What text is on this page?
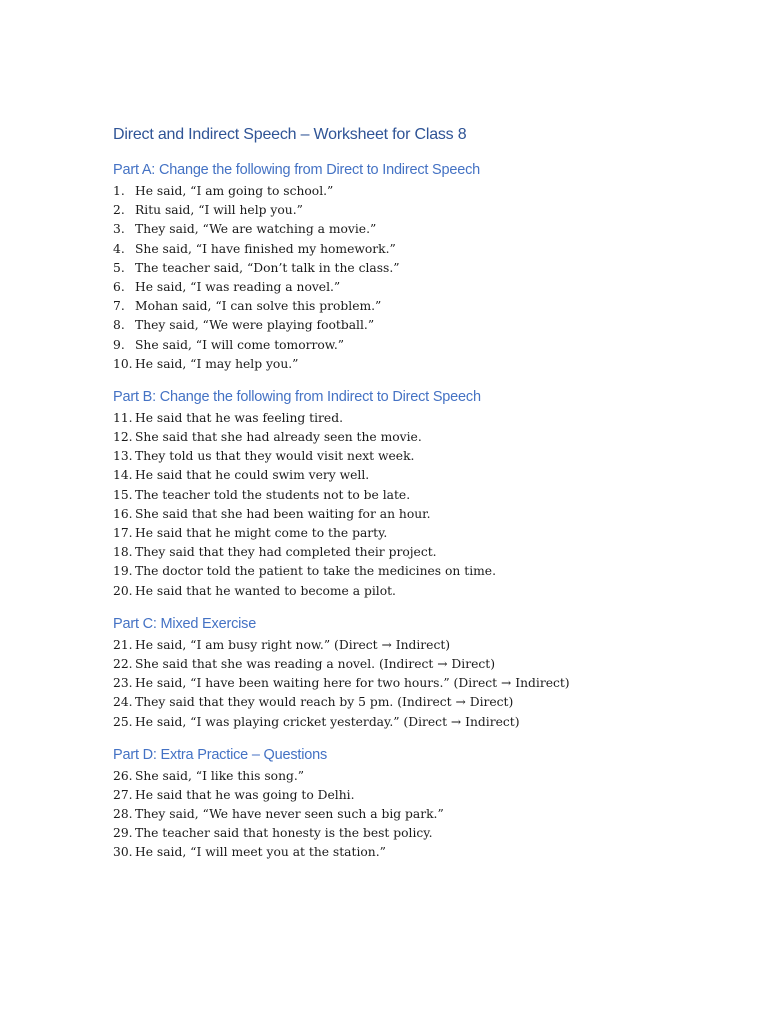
Direct and Indirect Speech – Worksheet for Class 8
Part A: Change the following from Direct to Indirect Speech
1. He said, “I am going to school.”
2. Ritu said, “I will help you.”
3. They said, “We are watching a movie.”
4. She said, “I have finished my homework.”
5. The teacher said, “Don’t talk in the class.”
6. He said, “I was reading a novel.”
7. Mohan said, “I can solve this problem.”
8. They said, “We were playing football.”
9. She said, “I will come tomorrow.”
10. He said, “I may help you.”
Part B: Change the following from Indirect to Direct Speech
11. He said that he was feeling tired.
12. She said that she had already seen the movie.
13. They told us that they would visit next week.
14. He said that he could swim very well.
15. The teacher told the students not to be late.
16. She said that she had been waiting for an hour.
17. He said that he might come to the party.
18. They said that they had completed their project.
19. The doctor told the patient to take the medicines on time.
20. He said that he wanted to become a pilot.
Part C: Mixed Exercise
21. He said, “I am busy right now.” (Direct → Indirect)
22. She said that she was reading a novel. (Indirect → Direct)
23. He said, “I have been waiting here for two hours.” (Direct → Indirect)
24. They said that they would reach by 5 pm. (Indirect → Direct)
25. He said, “I was playing cricket yesterday.” (Direct → Indirect)
Part D: Extra Practice – Questions
26. She said, “I like this song.”
27. He said that he was going to Delhi.
28. They said, “We have never seen such a big park.”
29. The teacher said that honesty is the best policy.
30. He said, “I will meet you at the station.”
